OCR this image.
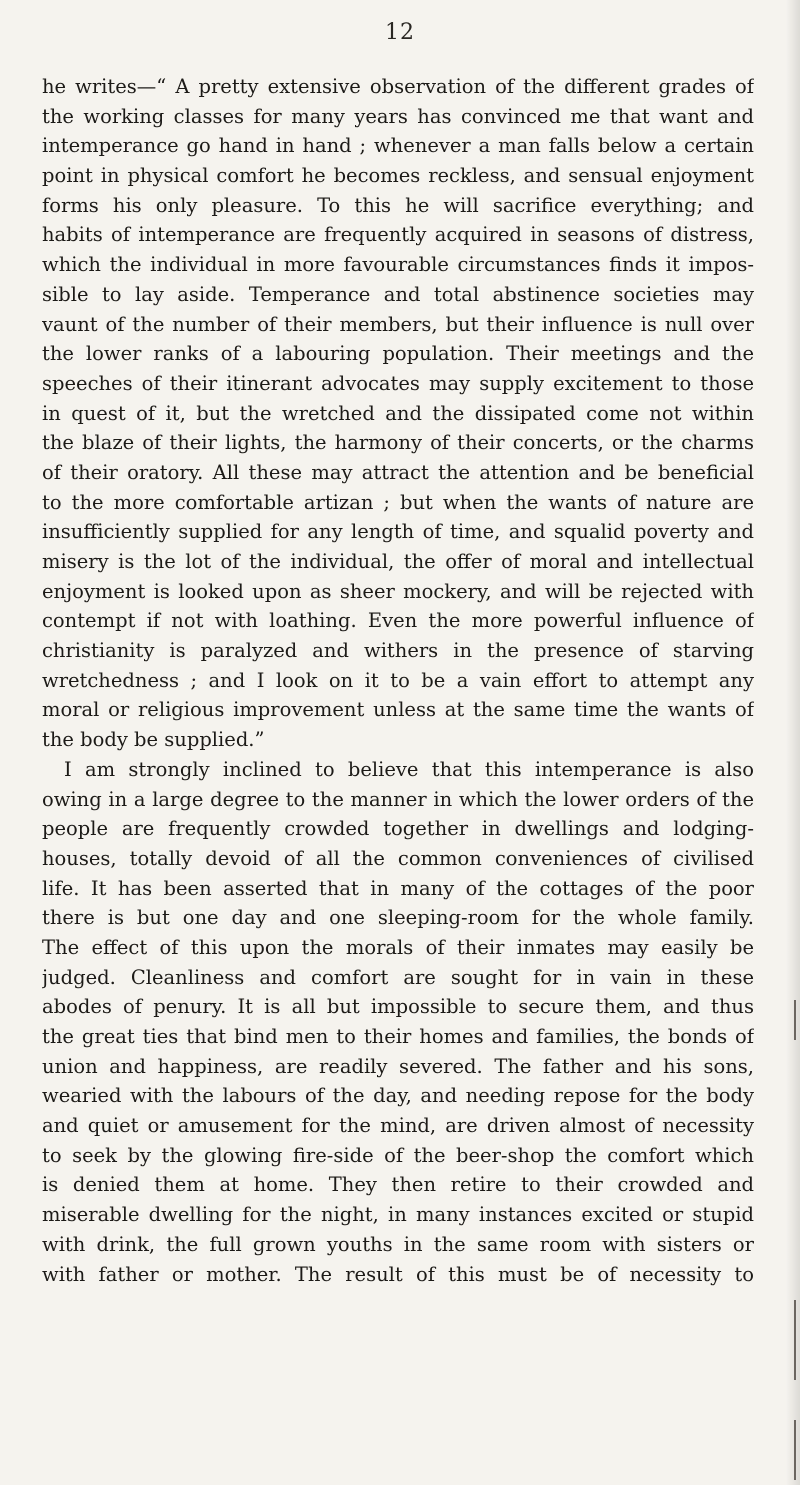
12
he writes—“ A pretty extensive observation of the different grades of
the working classes for many years has convinced me that want and
intemperance go hand in hand ; whenever a man falls below a certain
point in physical comfort he becomes reckless, and sensual enjoyment
forms his only pleasure. To this he will sacrifice everything; and
habits of intemperance are frequently acquired in seasons of distress,
which the individual in more favourable circumstances finds it impos-
sible to lay aside. Temperance and total abstinence societies may
vaunt of the number of their members, but their influence is null over
the lower ranks of a labouring population. Their meetings and the
speeches of their itinerant advocates may supply excitement to those
in quest of it, but the wretched and the dissipated come not within
the blaze of their lights, the harmony of their concerts, or the charms
of their oratory. All these may attract the attention and be beneficial
to the more comfortable artizan ; but when the wants of nature are
insufficiently supplied for any length of time, and squalid poverty and
misery is the lot of the individual, the offer of moral and intellectual
enjoyment is looked upon as sheer mockery, and will be rejected with
contempt if not with loathing. Even the more powerful influence of
christianity is paralyzed and withers in the presence of starving
wretchedness ; and I look on it to be a vain effort to attempt any
moral or religious improvement unless at the same time the wants of
the body be supplied.”
I am strongly inclined to believe that this intemperance is also
owing in a large degree to the manner in which the lower orders of the
people are frequently crowded together in dwellings and lodging-
houses, totally devoid of all the common conveniences of civilised
life. It has been asserted that in many of the cottages of the poor
there is but one day and one sleeping-room for the whole family.
The effect of this upon the morals of their inmates may easily be
judged. Cleanliness and comfort are sought for in vain in these
abodes of penury. It is all but impossible to secure them, and thus
the great ties that bind men to their homes and families, the bonds of
union and happiness, are readily severed. The father and his sons,
wearied with the labours of the day, and needing repose for the body
and quiet or amusement for the mind, are driven almost of necessity
to seek by the glowing fire-side of the beer-shop the comfort which
is denied them at home. They then retire to their crowded and
miserable dwelling for the night, in many instances excited or stupid
with drink, the full grown youths in the same room with sisters or
with father or mother. The result of this must be of necessity to
